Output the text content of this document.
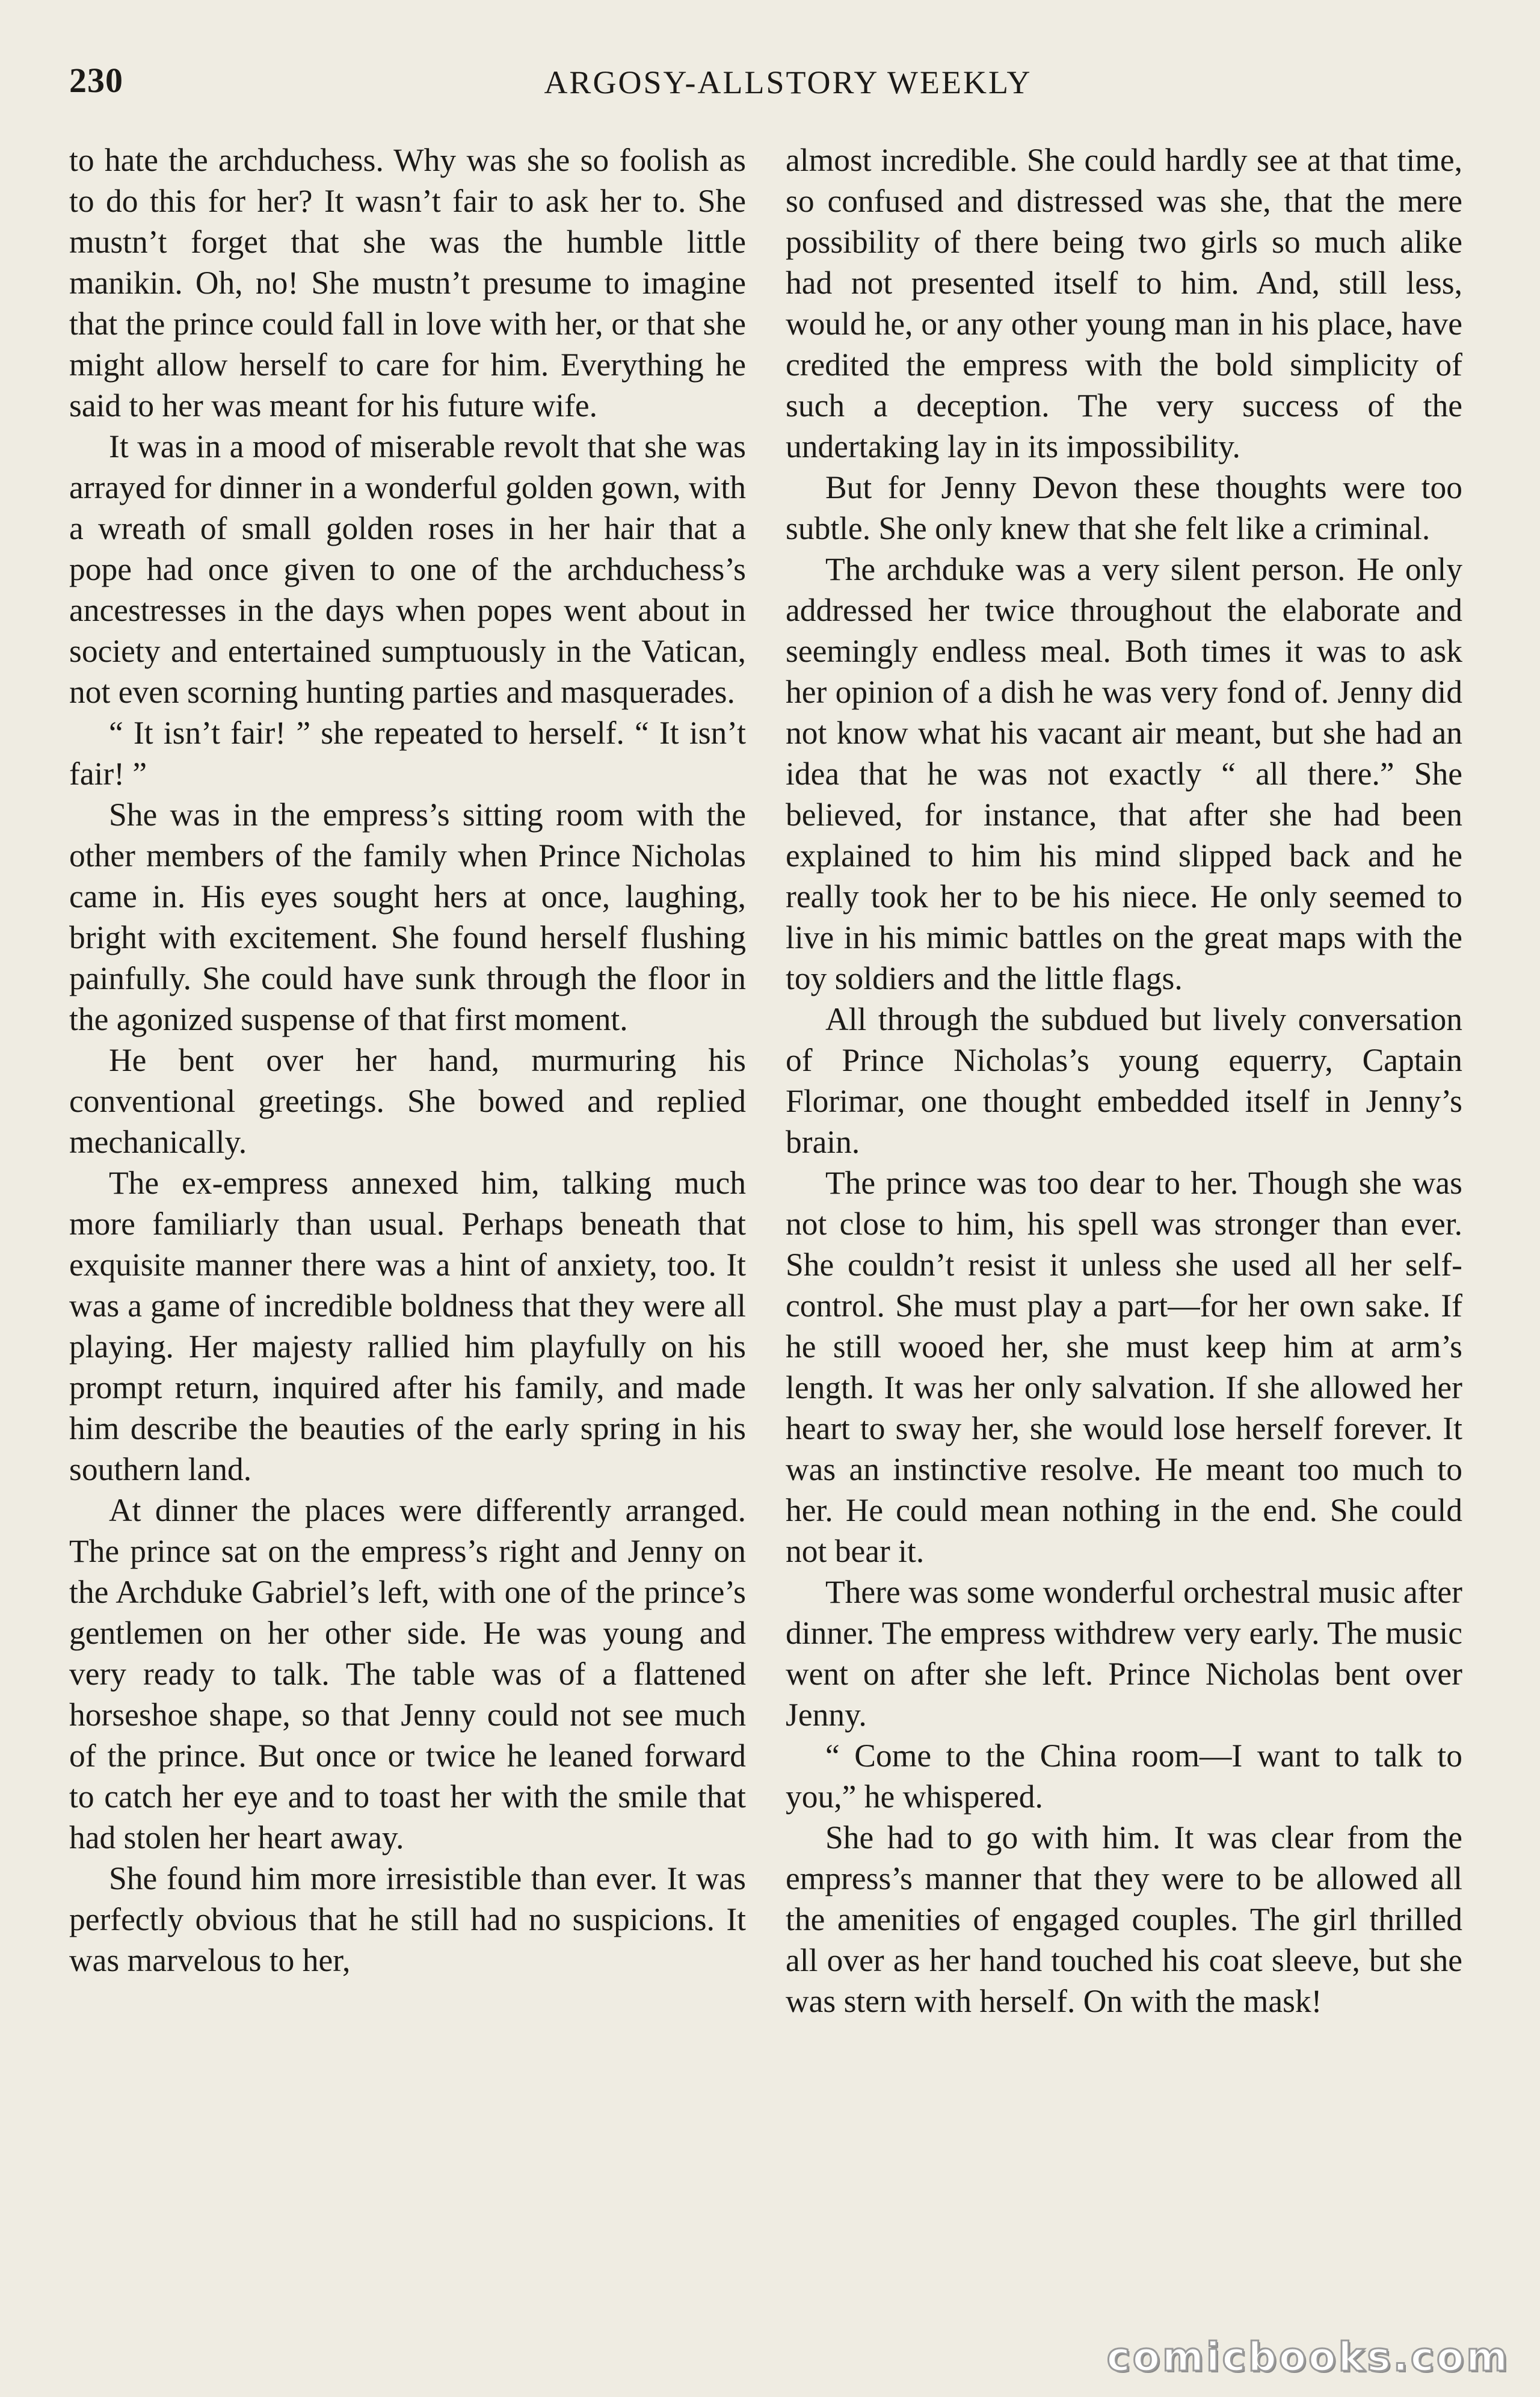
230	ARGOSY-ALLSTORY WEEKLY

to hate the archduchess. Why was she so foolish as to do this for her? It wasn’t fair to ask her to. She mustn’t forget that she was the humble little manikin. Oh, no! She mustn’t presume to imagine that the prince could fall in love with her, or that she might allow herself to care for him. Everything he said to her was meant for his future wife.

It was in a mood of miserable revolt that she was arrayed for dinner in a wonderful golden gown, with a wreath of small golden roses in her hair that a pope had once given to one of the archduchess’s ancestresses in the days when popes went about in society and entertained sumptuously in the Vatican, not even scorning hunting parties and masquerades.

“ It isn’t fair! ” she repeated to herself. “ It isn’t fair! ”

She was in the empress’s sitting room with the other members of the family when Prince Nicholas came in. His eyes sought hers at once, laughing, bright with excitement. She found herself flushing painfully. She could have sunk through the floor in the agonized suspense of that first moment.

He bent over her hand, murmuring his conventional greetings. She bowed and replied mechanically.

The ex-empress annexed him, talking much more familiarly than usual. Perhaps beneath that exquisite manner there was a hint of anxiety, too. It was a game of incredible boldness that they were all playing. Her majesty rallied him playfully on his prompt return, inquired after his family, and made him describe the beauties of the early spring in his southern land.

At dinner the places were differently arranged. The prince sat on the empress’s right and Jenny on the Archduke Gabriel’s left, with one of the prince’s gentlemen on her other side. He was young and very ready to talk. The table was of a flattened horseshoe shape, so that Jenny could not see much of the prince. But once or twice he leaned forward to catch her eye and to toast her with the smile that had stolen her heart away.

She found him more irresistible than ever. It was perfectly obvious that he still had no suspicions. It was marvelous to her,

almost incredible. She could hardly see at that time, so confused and distressed was she, that the mere possibility of there being two girls so much alike had not presented itself to him. And, still less, would he, or any other young man in his place, have credited the empress with the bold simplicity of such a deception. The very success of the undertaking lay in its impossibility.

But for Jenny Devon these thoughts were too subtle. She only knew that she felt like a criminal.

The archduke was a very silent person. He only addressed her twice throughout the elaborate and seemingly endless meal. Both times it was to ask her opinion of a dish he was very fond of. Jenny did not know what his vacant air meant, but she had an idea that he was not exactly “ all there.” She believed, for instance, that after she had been explained to him his mind slipped back and he really took her to be his niece. He only seemed to live in his mimic battles on the great maps with the toy soldiers and the little flags.

All through the subdued but lively conversation of Prince Nicholas’s young equerry, Captain Florimar, one thought embedded itself in Jenny’s brain.

The prince was too dear to her. Though she was not close to him, his spell was stronger than ever. She couldn’t resist it unless she used all her self-control. She must play a part—for her own sake. If he still wooed her, she must keep him at arm’s length. It was her only salvation. If she allowed her heart to sway her, she would lose herself forever. It was an instinctive resolve. He meant too much to her. He could mean nothing in the end. She could not bear it.

There was some wonderful orchestral music after dinner. The empress withdrew very early. The music went on after she left. Prince Nicholas bent over Jenny.

“ Come to the China room—I want to talk to you,” he whispered.

She had to go with him. It was clear from the empress’s manner that they were to be allowed all the amenities of engaged couples. The girl thrilled all over as her hand touched his coat sleeve, but she was stern with herself. On with the mask!

comicbooks.com
